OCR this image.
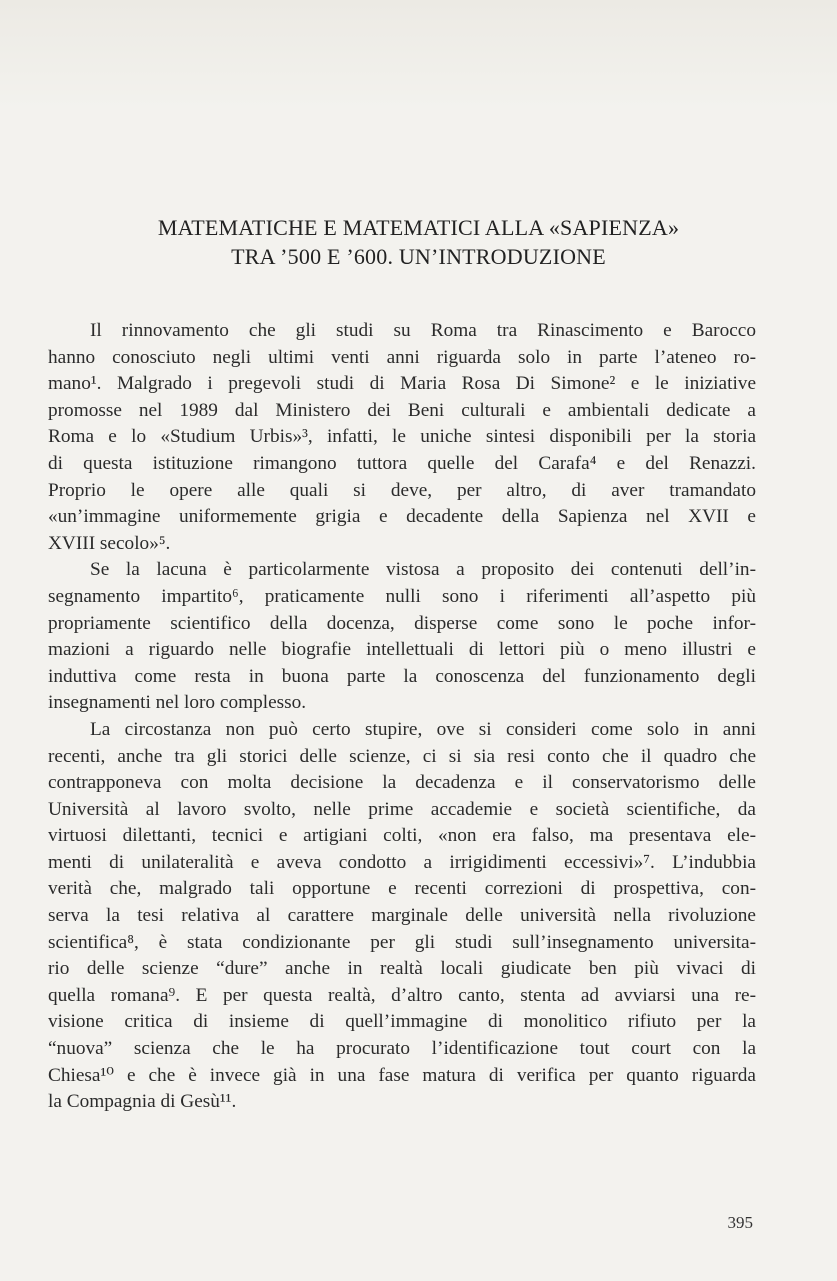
MATEMATICHE E MATEMATICI ALLA «SAPIENZA»
TRA ’500 E ’600. UN’INTRODUZIONE
Il rinnovamento che gli studi su Roma tra Rinascimento e Barocco
hanno conosciuto negli ultimi venti anni riguarda solo in parte l’ateneo ro-
mano¹. Malgrado i pregevoli studi di Maria Rosa Di Simone² e le iniziative
promosse nel 1989 dal Ministero dei Beni culturali e ambientali dedicate a
Roma e lo «Studium Urbis»³, infatti, le uniche sintesi disponibili per la storia
di questa istituzione rimangono tuttora quelle del Carafa⁴ e del Renazzi.
Proprio le opere alle quali si deve, per altro, di aver tramandato
«un’immagine uniformemente grigia e decadente della Sapienza nel XVII e
XVIII secolo»⁵.
Se la lacuna è particolarmente vistosa a proposito dei contenuti dell’in-
segnamento impartito⁶, praticamente nulli sono i riferimenti all’aspetto più
propriamente scientifico della docenza, disperse come sono le poche infor-
mazioni a riguardo nelle biografie intellettuali di lettori più o meno illustri e
induttiva come resta in buona parte la conoscenza del funzionamento degli
insegnamenti nel loro complesso.
La circostanza non può certo stupire, ove si consideri come solo in anni
recenti, anche tra gli storici delle scienze, ci si sia resi conto che il quadro che
contrapponeva con molta decisione la decadenza e il conservatorismo delle
Università al lavoro svolto, nelle prime accademie e società scientifiche, da
virtuosi dilettanti, tecnici e artigiani colti, «non era falso, ma presentava ele-
menti di unilateralità e aveva condotto a irrigidimenti eccessivi»⁷. L’indubbia
verità che, malgrado tali opportune e recenti correzioni di prospettiva, con-
serva la tesi relativa al carattere marginale delle università nella rivoluzione
scientifica⁸, è stata condizionante per gli studi sull’insegnamento universita-
rio delle scienze “dure” anche in realtà locali giudicate ben più vivaci di
quella romana⁹. E per questa realtà, d’altro canto, stenta ad avviarsi una re-
visione critica di insieme di quell’immagine di monolitico rifiuto per la
“nuova” scienza che le ha procurato l’identificazione tout court con la
Chiesa¹⁰ e che è invece già in una fase matura di verifica per quanto riguarda
la Compagnia di Gesù¹¹.
395
